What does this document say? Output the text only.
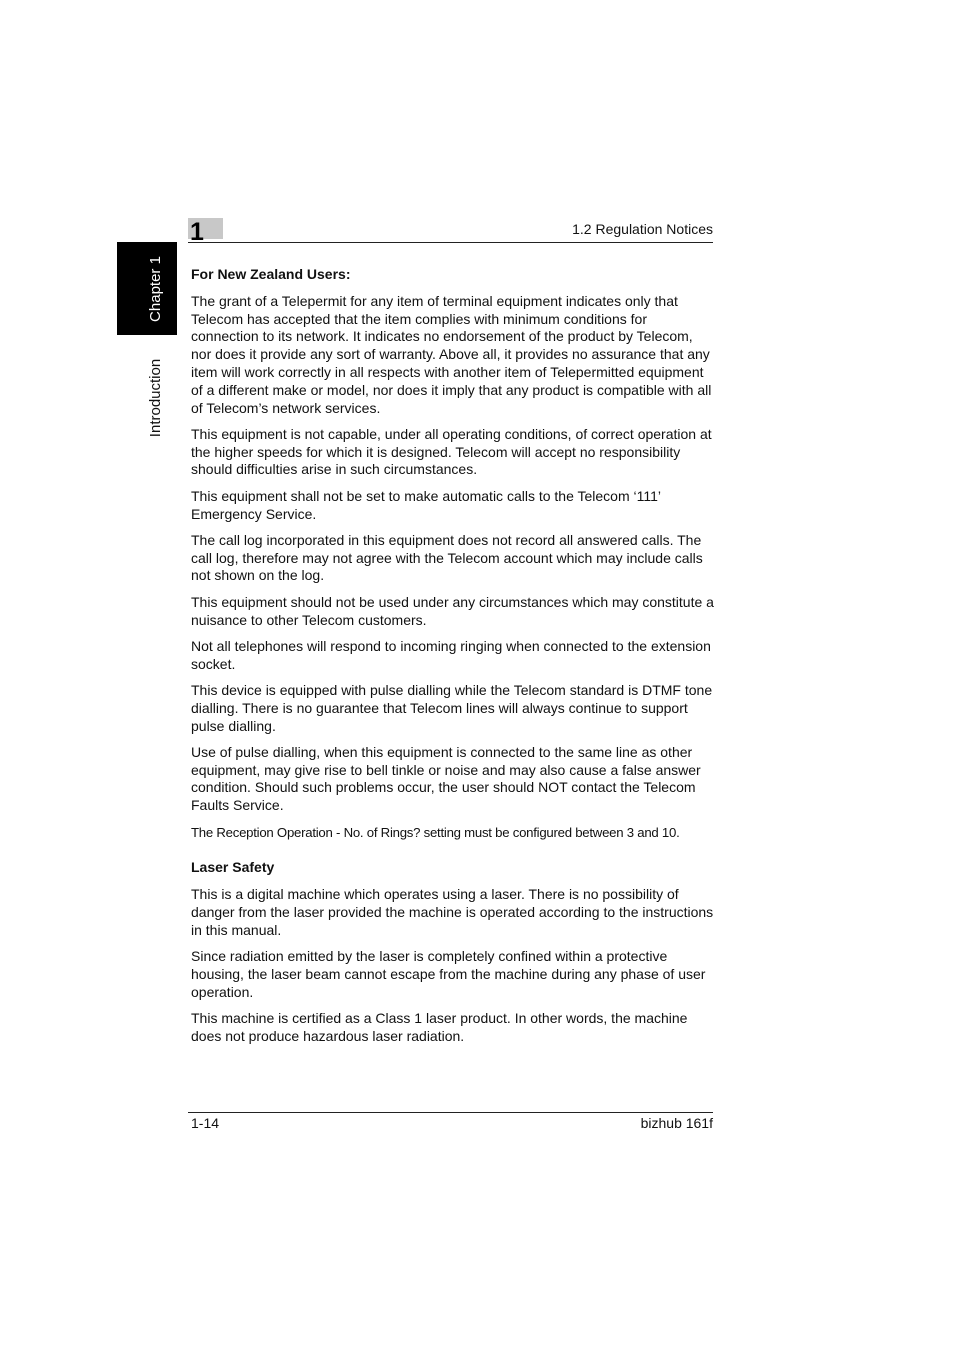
1	1.2 Regulation Notices
Chapter 1
Introduction
For New Zealand Users:

The grant of a Telepermit for any item of terminal equipment indicates only that Telecom has accepted that the item complies with minimum conditions for connection to its network. It indicates no endorsement of the product by Telecom, nor does it provide any sort of warranty. Above all, it provides no assurance that any item will work correctly in all respects with another item of Telepermitted equipment of a different make or model, nor does it imply that any product is compatible with all of Telecom’s network services.

This equipment is not capable, under all operating conditions, of correct operation at the higher speeds for which it is designed. Telecom will accept no responsibility should difficulties arise in such circumstances.

This equipment shall not be set to make automatic calls to the Telecom ‘111’ Emergency Service.

The call log incorporated in this equipment does not record all answered calls. The call log, therefore may not agree with the Telecom account which may include calls not shown on the log.

This equipment should not be used under any circumstances which may constitute a nuisance to other Telecom customers.

Not all telephones will respond to incoming ringing when connected to the extension socket.

This device is equipped with pulse dialling while the Telecom standard is DTMF tone dialling. There is no guarantee that Telecom lines will always continue to support pulse dialling.

Use of pulse dialling, when this equipment is connected to the same line as other equipment, may give rise to bell tinkle or noise and may also cause a false answer condition. Should such problems occur, the user should NOT contact the Telecom Faults Service.

The Reception Operation - No. of Rings? setting must be configured between 3 and 10.

Laser Safety

This is a digital machine which operates using a laser. There is no possibility of danger from the laser provided the machine is operated according to the instructions in this manual.

Since radiation emitted by the laser is completely confined within a protective housing, the laser beam cannot escape from the machine during any phase of user operation.

This machine is certified as a Class 1 laser product. In other words, the machine does not produce hazardous laser radiation.

1-14	bizhub 161f
